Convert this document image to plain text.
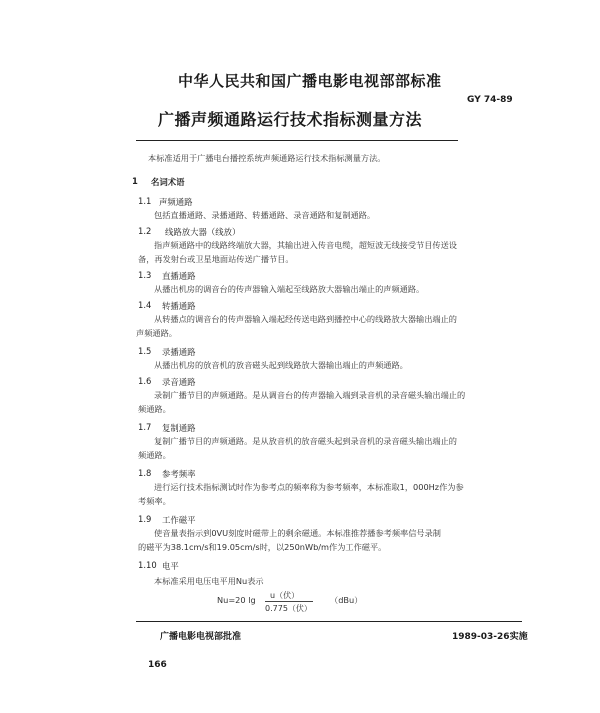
中华人民共和国广播电影电视部部标准
GY 74-89
广播声频通路运行技术指标测量方法
本标准适用于广播电台播控系统声频通路运行技术指标测量方法。
1 名词术语
1.1 声频通路
包括直播通路、录播通路、转播通路、录音通路和复制通路。
1.2 线路放大器（线放）
指声频通路中的线路终端放大器，其输出进入传音电缆，超短波无线接受节目传送设
备，再发射台或卫星地面站传送广播节目。
1.3 直播通路
从播出机房的调音台的传声器输入端起至线路放大器输出端止的声频通路。
1.4 转播通路
从转播点的调音台的传声器输入端起经传送电路到播控中心的线路放大器输出端止的
声频通路。
1.5 录播通路
从播出机房的放音机的放音磁头起到线路放大器输出端止的声频通路。
1.6 录音通路
录制广播节目的声频通路。是从调音台的传声器输入端到录音机的录音磁头输出端止的
频通路。
1.7 复制通路
复制广播节目的声频通路。是从放音机的放音磁头起到录音机的录音磁头输出端止的
频通路。
1.8 参考频率
进行运行技术指标测试时作为参考点的频率称为参考频率，本标准取1，000Hz作为参
考频率。
1.9 工作磁平
使音量表指示到0VU刻度时磁带上的剩余磁通。本标准推荐播参考频率信号录制
的磁平为38.1cm/s和19.05cm/s时，以250nWb/m作为工作磁平。
1.10 电平
本标准采用电压电平用Nu表示
Nu=20 lg u（伏）
0.775（伏）
（dBu）
广播电影电视部批准	1989-03-26实施
166
